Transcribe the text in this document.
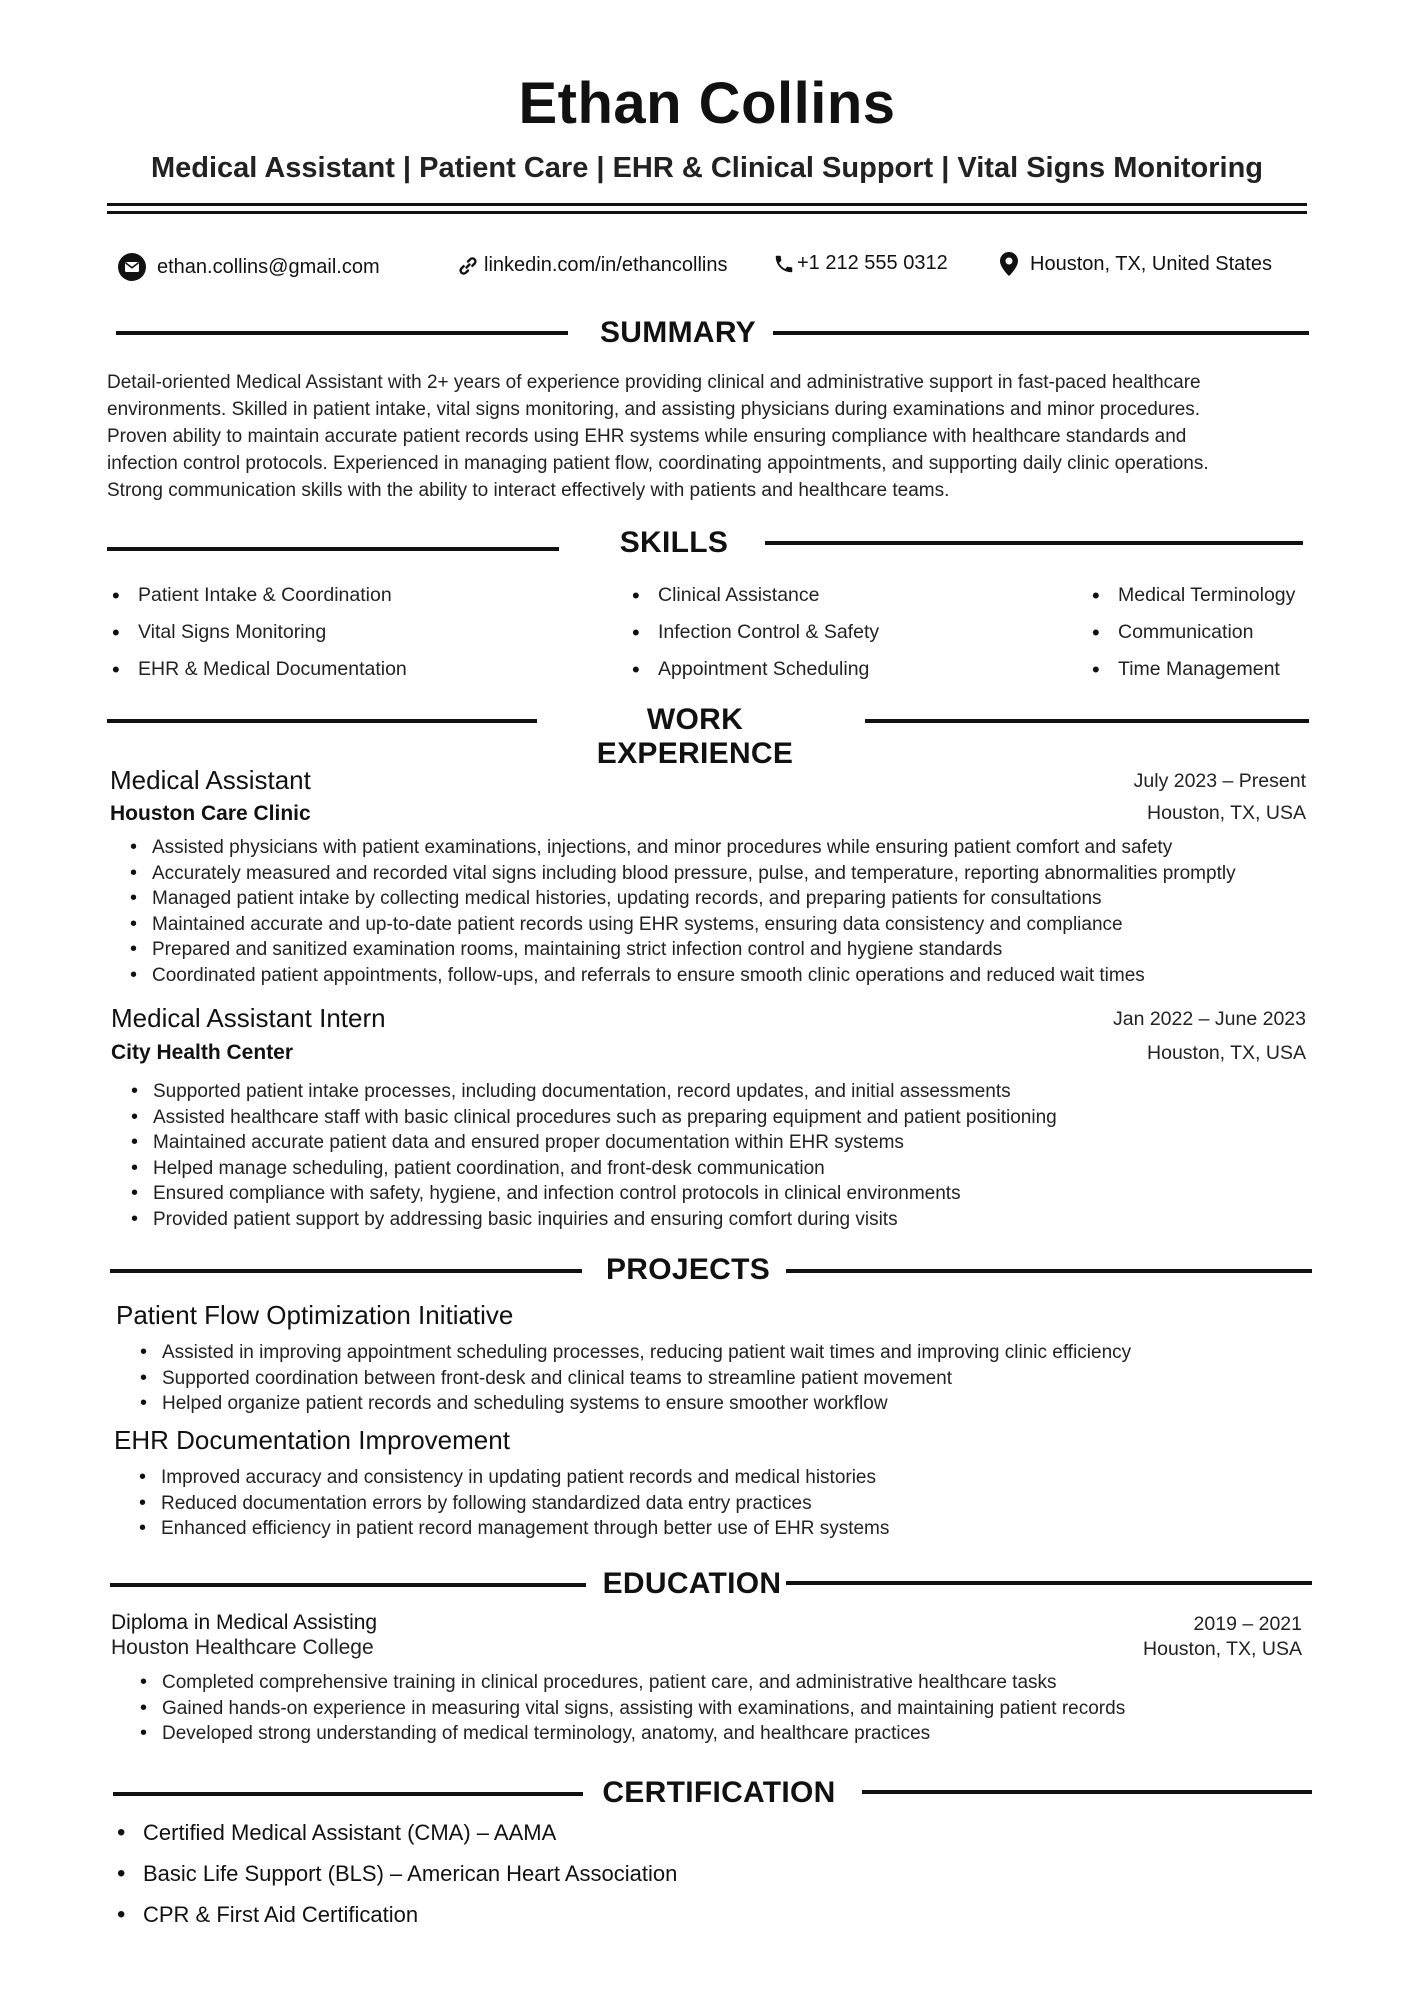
Ethan Collins
Medical Assistant | Patient Care | EHR & Clinical Support | Vital Signs Monitoring
ethan.collins@gmail.com	linkedin.com/in/ethancollins	+1 212 555 0312	Houston, TX, United States
SUMMARY
Detail-oriented Medical Assistant with 2+ years of experience providing clinical and administrative support in fast-paced healthcare
environments. Skilled in patient intake, vital signs monitoring, and assisting physicians during examinations and minor procedures.
Proven ability to maintain accurate patient records using EHR systems while ensuring compliance with healthcare standards and
infection control protocols. Experienced in managing patient flow, coordinating appointments, and supporting daily clinic operations.
Strong communication skills with the ability to interact effectively with patients and healthcare teams.
SKILLS
• Patient Intake & Coordination
• Vital Signs Monitoring
• EHR & Medical Documentation
• Clinical Assistance
• Infection Control & Safety
• Appointment Scheduling
• Medical Terminology
• Communication
• Time Management
WORK EXPERIENCE
Medical Assistant	July 2023 – Present
Houston Care Clinic	Houston, TX, USA
• Assisted physicians with patient examinations, injections, and minor procedures while ensuring patient comfort and safety
• Accurately measured and recorded vital signs including blood pressure, pulse, and temperature, reporting abnormalities promptly
• Managed patient intake by collecting medical histories, updating records, and preparing patients for consultations
• Maintained accurate and up-to-date patient records using EHR systems, ensuring data consistency and compliance
• Prepared and sanitized examination rooms, maintaining strict infection control and hygiene standards
• Coordinated patient appointments, follow-ups, and referrals to ensure smooth clinic operations and reduced wait times
Medical Assistant Intern	Jan 2022 – June 2023
City Health Center	Houston, TX, USA
• Supported patient intake processes, including documentation, record updates, and initial assessments
• Assisted healthcare staff with basic clinical procedures such as preparing equipment and patient positioning
• Maintained accurate patient data and ensured proper documentation within EHR systems
• Helped manage scheduling, patient coordination, and front-desk communication
• Ensured compliance with safety, hygiene, and infection control protocols in clinical environments
• Provided patient support by addressing basic inquiries and ensuring comfort during visits
PROJECTS
Patient Flow Optimization Initiative
• Assisted in improving appointment scheduling processes, reducing patient wait times and improving clinic efficiency
• Supported coordination between front-desk and clinical teams to streamline patient movement
• Helped organize patient records and scheduling systems to ensure smoother workflow
EHR Documentation Improvement
• Improved accuracy and consistency in updating patient records and medical histories
• Reduced documentation errors by following standardized data entry practices
• Enhanced efficiency in patient record management through better use of EHR systems
EDUCATION
Diploma in Medical Assisting	2019 – 2021
Houston Healthcare College	Houston, TX, USA
• Completed comprehensive training in clinical procedures, patient care, and administrative healthcare tasks
• Gained hands-on experience in measuring vital signs, assisting with examinations, and maintaining patient records
• Developed strong understanding of medical terminology, anatomy, and healthcare practices
CERTIFICATION
• Certified Medical Assistant (CMA) – AAMA
• Basic Life Support (BLS) – American Heart Association
• CPR & First Aid Certification
